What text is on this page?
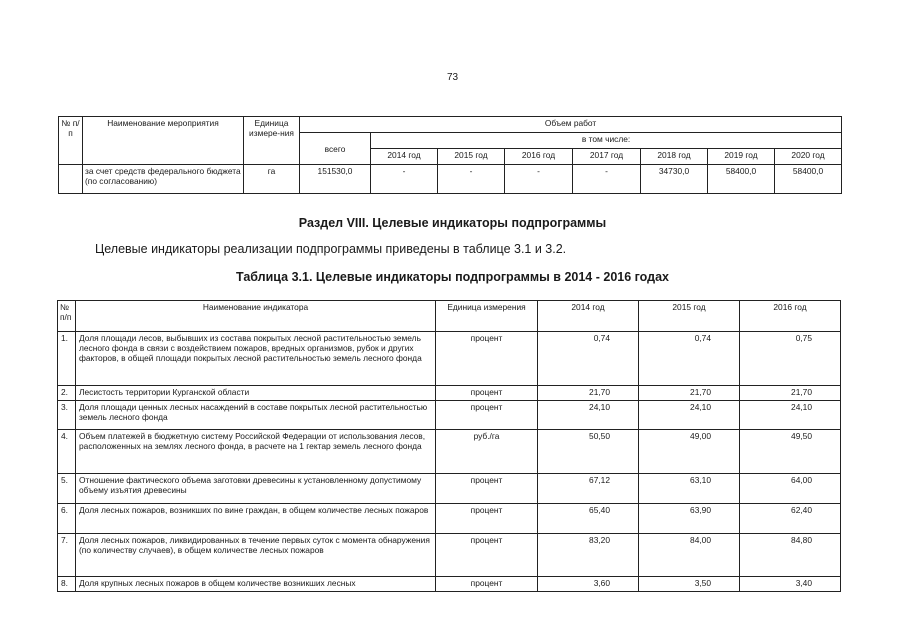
73
№ п/п	Наименование мероприятия	Единица измере-ния	Объем работ							
			всего	в том числе:						
				2014 год	2015 год	2016 год	2017 год	2018 год	2019 год	2020 год
	за счет средств федерального бюджета (по согласованию)	га	151530,0	-	-	-	-	34730,0	58400,0	58400,0
Раздел VIII. Целевые индикаторы подпрограммы
Целевые индикаторы реализации подпрограммы приведены в таблице 3.1 и 3.2.
Таблица 3.1. Целевые индикаторы подпрограммы в 2014 - 2016 годах
№ п/п	Наименование индикатора	Единица измерения	2014 год	2015 год	2016 год
1.	Доля площади лесов, выбывших из состава покрытых лесной растительностью земель лесного фонда в связи с воздействием пожаров, вредных организмов, рубок и других факторов, в общей площади покрытых лесной растительностью земель лесного фонда	процент	0,74	0,74	0,75
2.	Лесистость территории Курганской области	процент	21,70	21,70	21,70
3.	Доля площади ценных лесных насаждений в составе покрытых лесной растительностью земель лесного фонда	процент	24,10	24,10	24,10
4.	Объем платежей в бюджетную систему Российской Федерации от использования лесов, расположенных на землях лесного фонда, в расчете на 1 гектар земель лесного фонда	руб./га	50,50	49,00	49,50
5.	Отношение фактического объема заготовки древесины к установленному допустимому объему изъятия древесины	процент	67,12	63,10	64,00
6.	Доля лесных пожаров, возникших по вине граждан, в общем количестве лесных пожаров	процент	65,40	63,90	62,40
7.	Доля лесных пожаров, ликвидированных в течение первых суток с момента обнаружения (по количеству случаев), в общем количестве лесных пожаров	процент	83,20	84,00	84,80
8.	Доля крупных лесных пожаров в общем количестве возникших лесных	процент	3,60	3,50	3,40
